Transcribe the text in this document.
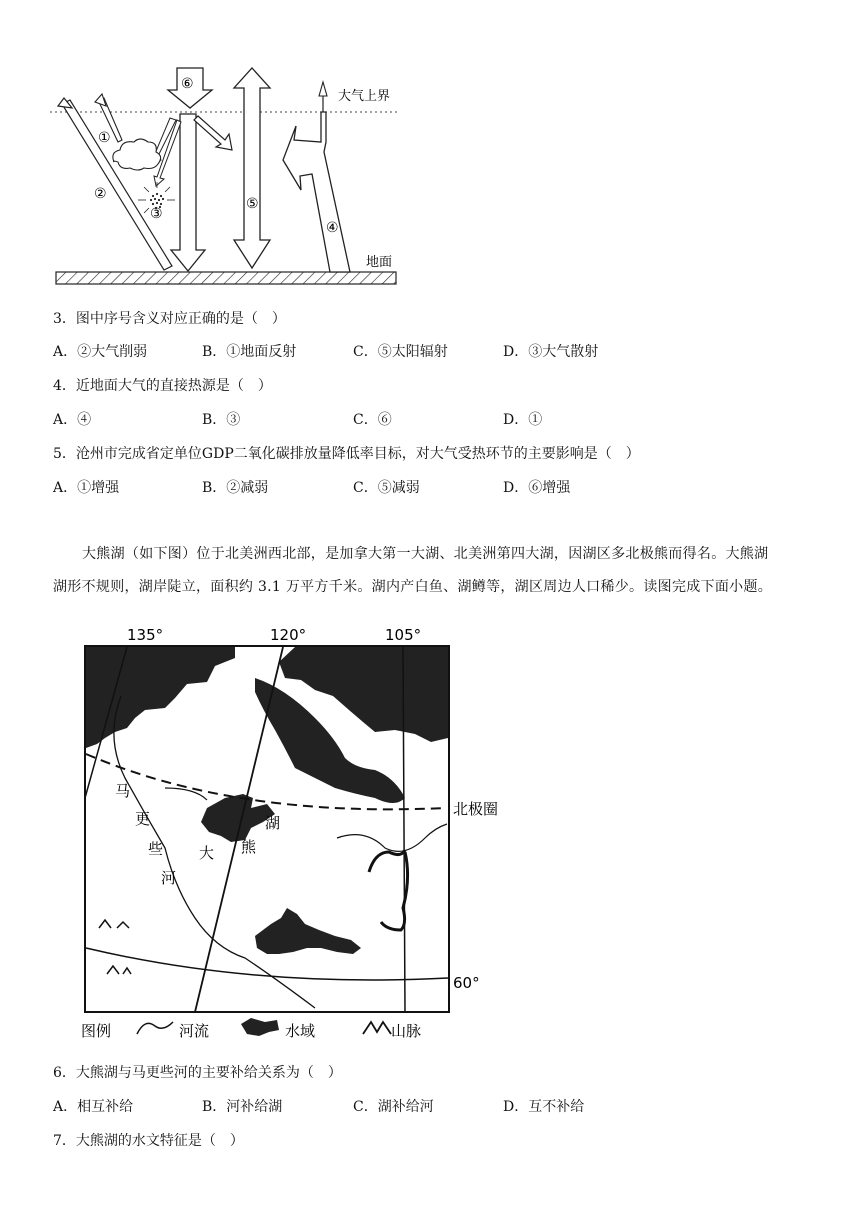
⑥
①
②
③
⑤
④
大气上界
地面
3．图中序号含义对应正确的是（　）
A．②大气削弱	B．①地面反射	C．⑤太阳辐射	D．③大气散射
4．近地面大气的直接热源是（　）
A．④	B．③	C．⑥	D．①
5．沧州市完成省定单位GDP二氧化碳排放量降低率目标，对大气受热环节的主要影响是（　）
A．①增强	B．②减弱	C．⑤减弱	D．⑥增强
大熊湖（如下图）位于北美洲西北部，是加拿大第一大湖、北美洲第四大湖，因湖区多北极熊而得名。大熊湖
湖形不规则，湖岸陡立，面积约 3.1 万平方千米。湖内产白鱼、湖鳟等，湖区周边人口稀少。读图完成下面小题。
135°	120°	105°
北极圈
60°
马
更
些
河
大 熊
湖
图例	河流	水域	山脉
6．大熊湖与马更些河的主要补给关系为（　）
A．相互补给	B．河补给湖	C．湖补给河	D．互不补给
7．大熊湖的水文特征是（　）
